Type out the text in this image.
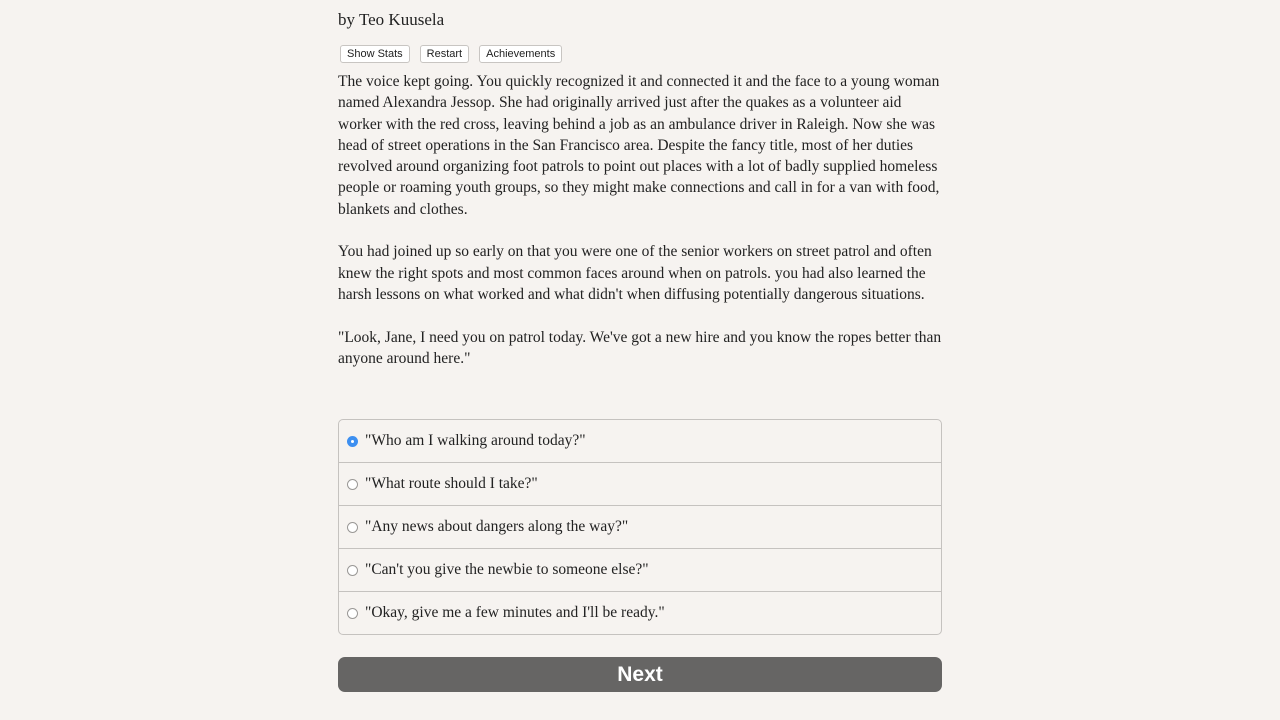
by Teo Kuusela
Show Stats	Restart	Achievements

The voice kept going. You quickly recognized it and connected it and the face to a young woman named Alexandra Jessop. She had originally arrived just after the quakes as a volunteer aid worker with the red cross, leaving behind a job as an ambulance driver in Raleigh. Now she was head of street operations in the San Francisco area. Despite the fancy title, most of her duties revolved around organizing foot patrols to point out places with a lot of badly supplied homeless people or roaming youth groups, so they might make connections and call in for a van with food, blankets and clothes.

You had joined up so early on that you were one of the senior workers on street patrol and often knew the right spots and most common faces around when on patrols. you had also learned the harsh lessons on what worked and what didn't when diffusing potentially dangerous situations.

"Look, Jane, I need you on patrol today. We've got a new hire and you know the ropes better than anyone around here."

"Who am I walking around today?"
"What route should I take?"
"Any news about dangers along the way?"
"Can't you give the newbie to someone else?"
"Okay, give me a few minutes and I'll be ready."
Next
